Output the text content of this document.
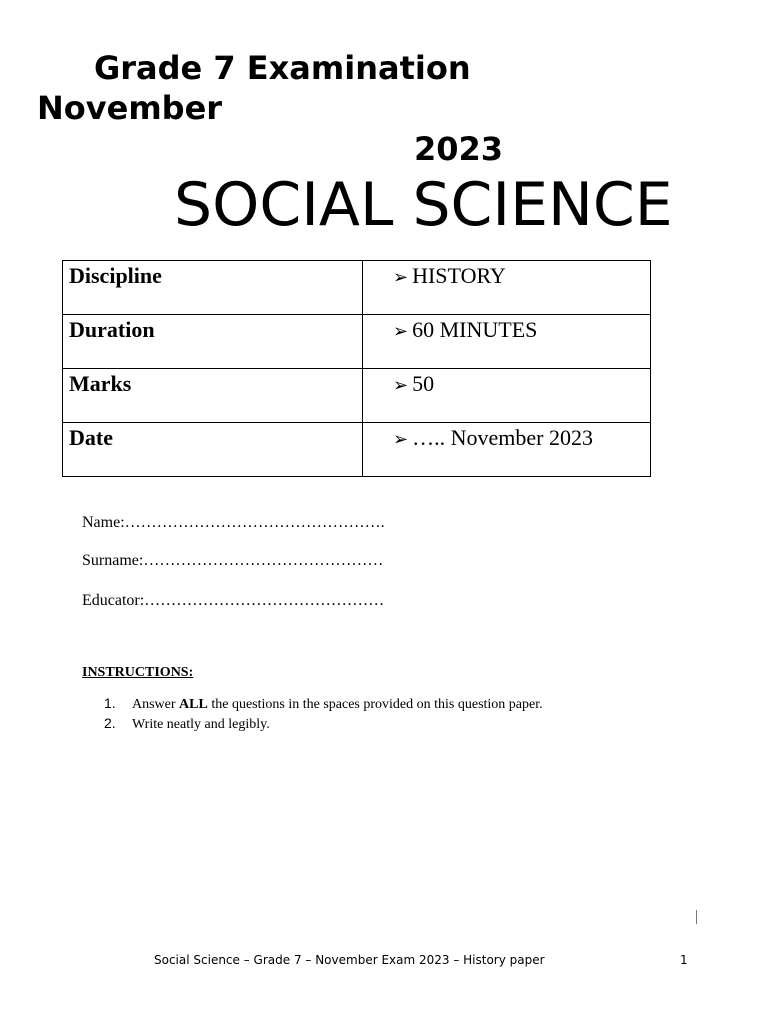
Grade 7 Examination
November
2023
SOCIAL SCIENCE
Discipline	➢ HISTORY
Duration	➢ 60 MINUTES
Marks	➢ 50
Date	➢ ….. November 2023
Name:………………………………………….
Surname:………………………………………
Educator:………………………………………
INSTRUCTIONS:
1. Answer ALL the questions in the spaces provided on this question paper.
2. Write neatly and legibly.
Social Science – Grade 7 – November Exam 2023 – History paper	1
